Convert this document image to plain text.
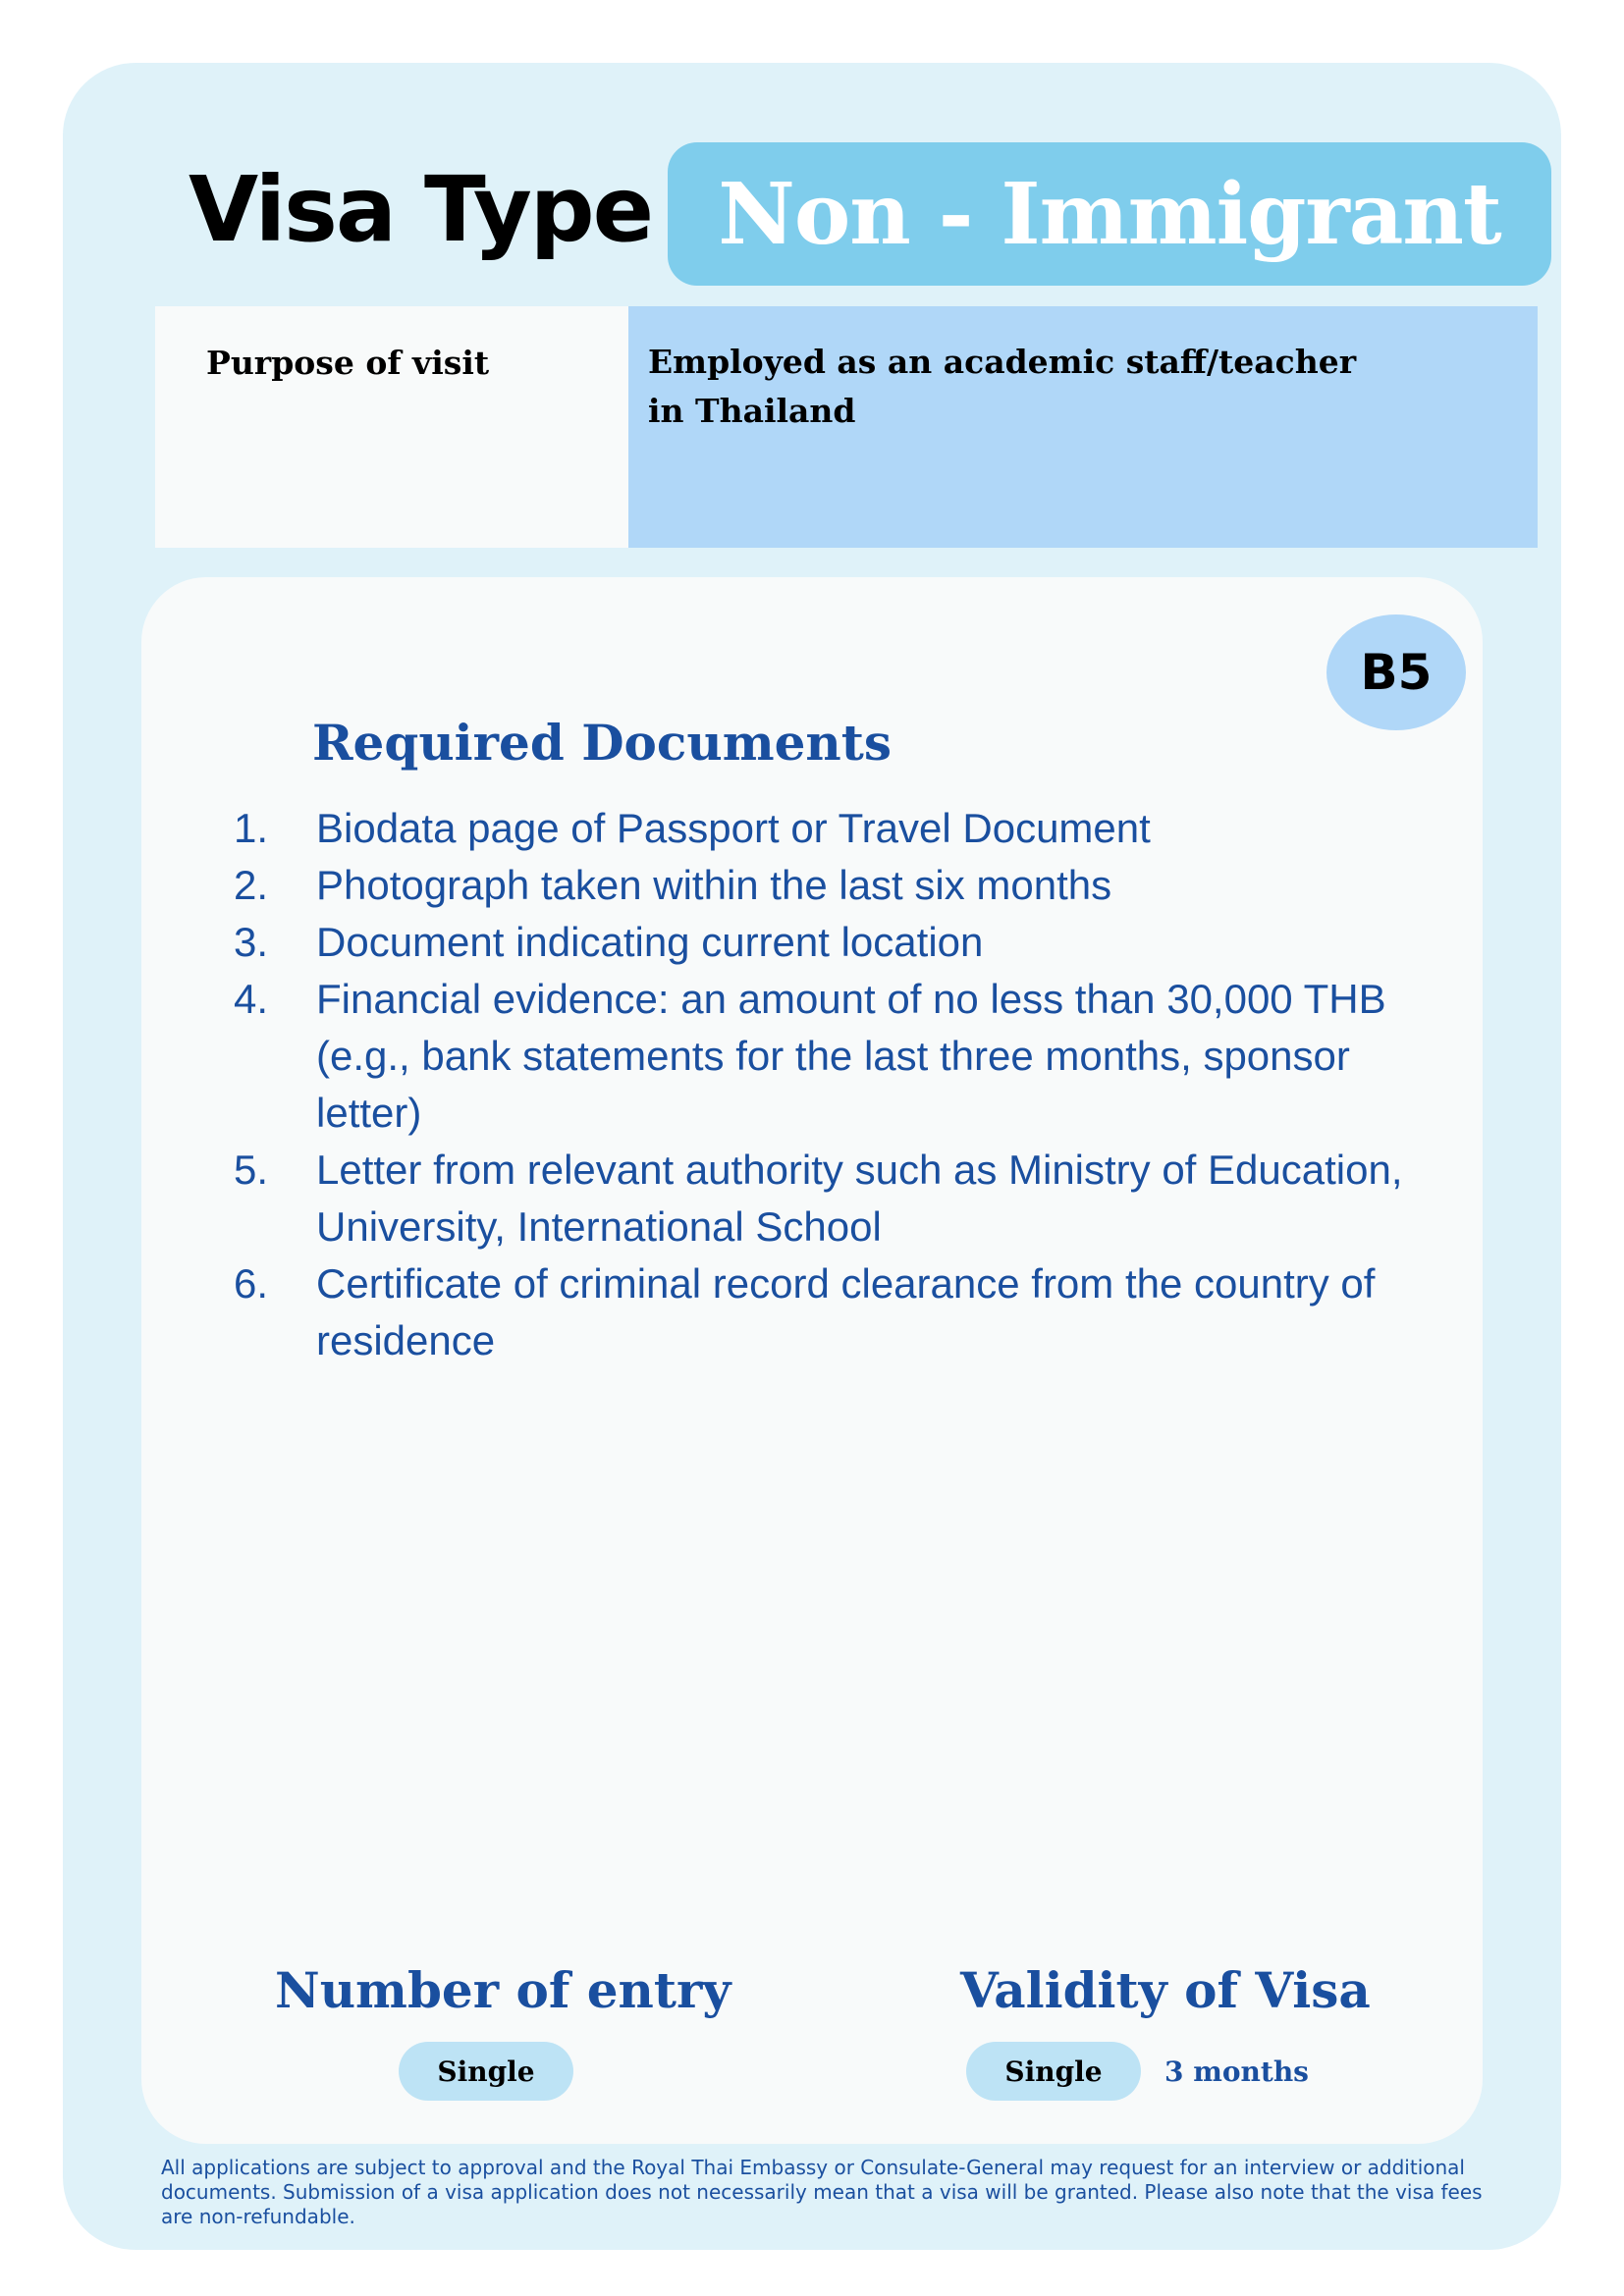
Visa Type Non - Immigrant
Purpose of visit	Employed as an academic staff/teacher in Thailand
B5
Required Documents
1. Biodata page of Passport or Travel Document
2. Photograph taken within the last six months
3. Document indicating current location
4. Financial evidence: an amount of no less than 30,000 THB (e.g., bank statements for the last three months, sponsor letter)
5. Letter from relevant authority such as Ministry of Education, University, International School
6. Certificate of criminal record clearance from the country of residence
Number of entry
Single
Validity of Visa
Single	3 months
All applications are subject to approval and the Royal Thai Embassy or Consulate-General may request for an interview or additional documents. Submission of a visa application does not necessarily mean that a visa will be granted. Please also note that the visa fees are non-refundable.
